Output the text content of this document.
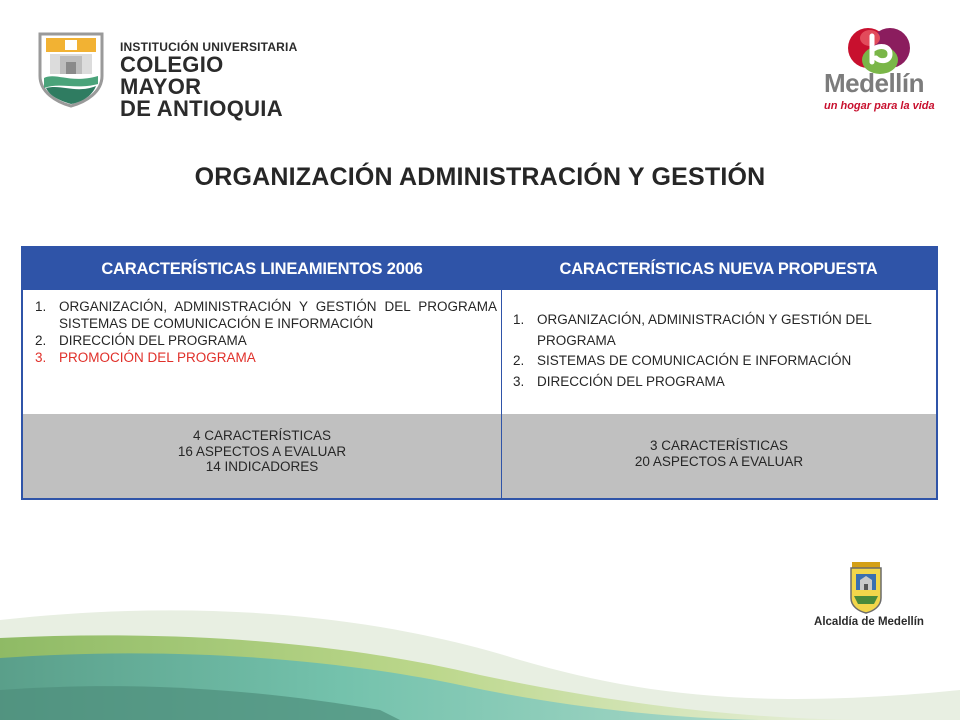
INSTITUCIÓN UNIVERSITARIA
COLEGIO MAYOR
DE ANTIOQUIA
Medellín
un hogar para la vida
ORGANIZACIÓN ADMINISTRACIÓN Y GESTIÓN
CARACTERÍSTICAS LINEAMIENTOS 2006	CARACTERÍSTICAS NUEVA PROPUESTA
1. ORGANIZACIÓN, ADMINISTRACIÓN Y GESTIÓN DEL PROGRAMA SISTEMAS DE COMUNICACIÓN E INFORMACIÓN
2. DIRECCIÓN DEL PROGRAMA
3. PROMOCIÓN DEL PROGRAMA
1. ORGANIZACIÓN, ADMINISTRACIÓN Y GESTIÓN DEL PROGRAMA
2. SISTEMAS DE COMUNICACIÓN E INFORMACIÓN
3. DIRECCIÓN DEL PROGRAMA
4 CARACTERÍSTICAS
16 ASPECTOS A EVALUAR
14 INDICADORES
3 CARACTERÍSTICAS
20 ASPECTOS A EVALUAR
Alcaldía de Medellín
